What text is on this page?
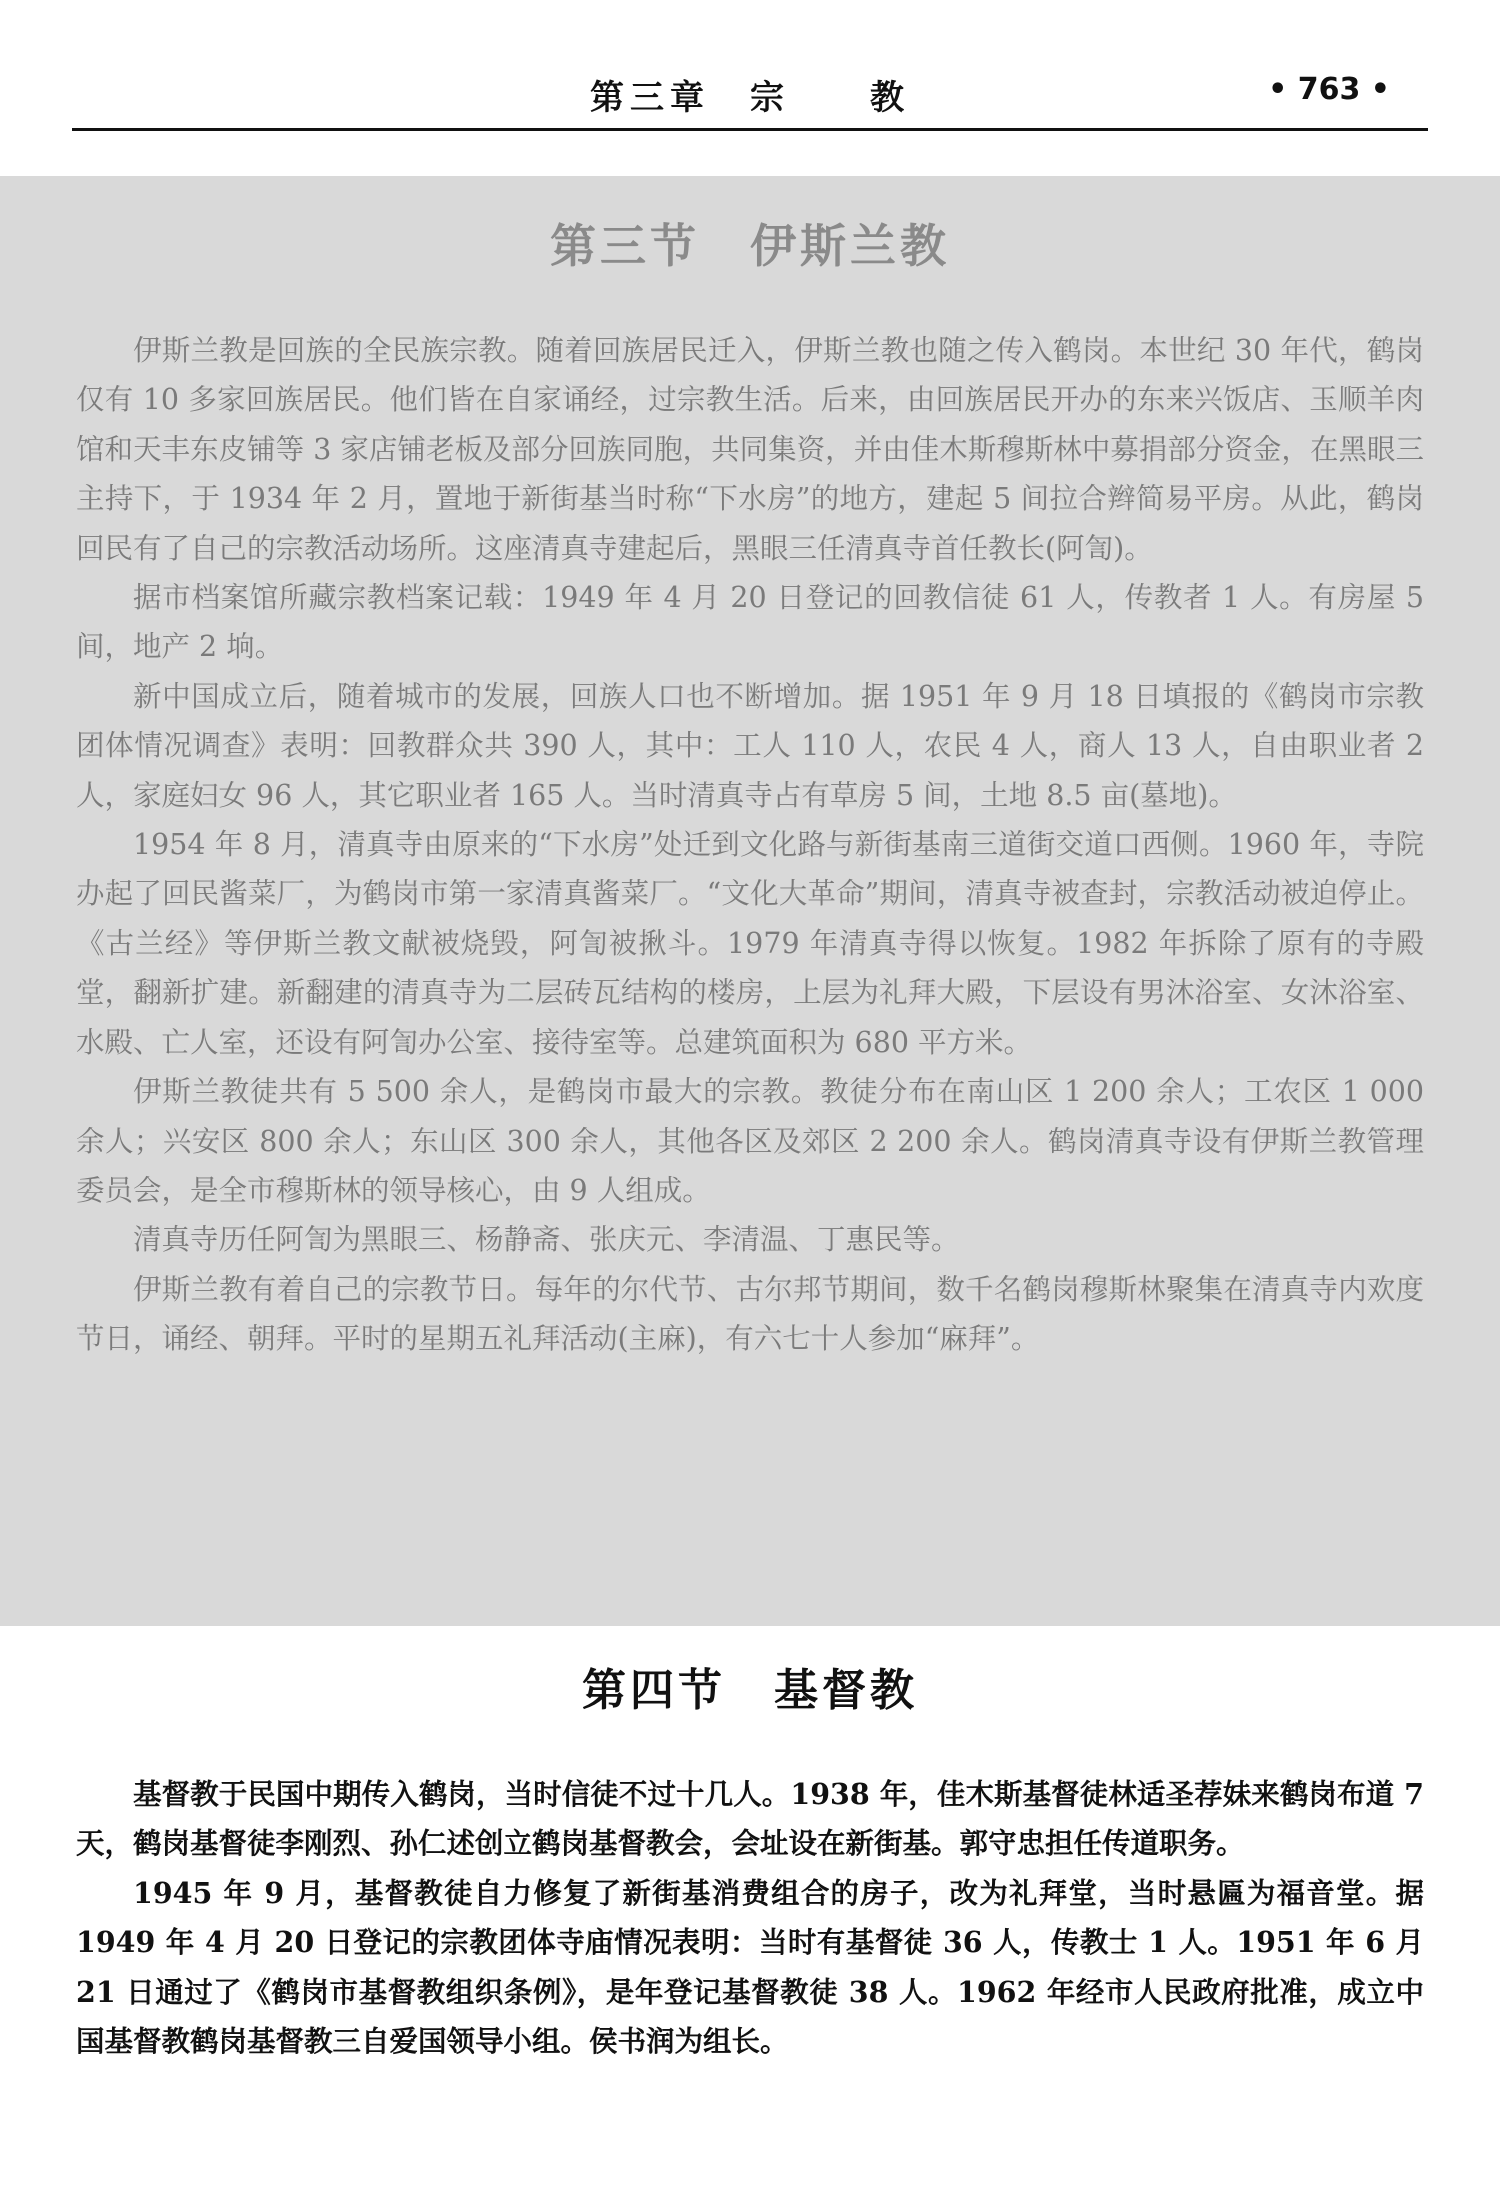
第三章　宗　　教	• 763 •
第三节　伊斯兰教

伊斯兰教是回族的全民族宗教。随着回族居民迁入，伊斯兰教也随之传入鹤岗。本世纪 30 年代，鹤岗仅有 10 多家回族居民。他们皆在自家诵经，过宗教生活。后来，由回族居民开办的东来兴饭店、玉顺羊肉馆和天丰东皮铺等 3 家店铺老板及部分回族同胞，共同集资，并由佳木斯穆斯林中募捐部分资金，在黑眼三主持下，于 1934 年 2 月，置地于新街基当时称“下水房”的地方，建起 5 间拉合辫简易平房。从此，鹤岗回民有了自己的宗教活动场所。这座清真寺建起后，黑眼三任清真寺首任教长(阿訇)。

据市档案馆所藏宗教档案记载：1949 年 4 月 20 日登记的回教信徒 61 人，传教者 1 人。有房屋 5 间，地产 2 垧。

新中国成立后，随着城市的发展，回族人口也不断增加。据 1951 年 9 月 18 日填报的《鹤岗市宗教团体情况调查》表明：回教群众共 390 人，其中：工人 110 人，农民 4 人，商人 13 人，自由职业者 2 人，家庭妇女 96 人，其它职业者 165 人。当时清真寺占有草房 5 间，土地 8.5 亩(墓地)。

1954 年 8 月，清真寺由原来的“下水房”处迁到文化路与新街基南三道街交道口西侧。1960 年，寺院办起了回民酱菜厂，为鹤岗市第一家清真酱菜厂。“文化大革命”期间，清真寺被查封，宗教活动被迫停止。《古兰经》等伊斯兰教文献被烧毁，阿訇被揪斗。1979 年清真寺得以恢复。1982 年拆除了原有的寺殿堂，翻新扩建。新翻建的清真寺为二层砖瓦结构的楼房，上层为礼拜大殿，下层设有男沐浴室、女沐浴室、水殿、亡人室，还设有阿訇办公室、接待室等。总建筑面积为 680 平方米。

伊斯兰教徒共有 5 500 余人，是鹤岗市最大的宗教。教徒分布在南山区 1 200 余人；工农区 1 000 余人；兴安区 800 余人；东山区 300 余人，其他各区及郊区 2 200 余人。鹤岗清真寺设有伊斯兰教管理委员会，是全市穆斯林的领导核心，由 9 人组成。

清真寺历任阿訇为黑眼三、杨静斋、张庆元、李清温、丁惠民等。

伊斯兰教有着自己的宗教节日。每年的尔代节、古尔邦节期间，数千名鹤岗穆斯林聚集在清真寺内欢度节日，诵经、朝拜。平时的星期五礼拜活动(主麻)，有六七十人参加“麻拜”。

第四节　基督教

基督教于民国中期传入鹤岗，当时信徒不过十几人。1938 年，佳木斯基督徒林适圣荐妹来鹤岗布道 7 天，鹤岗基督徒李刚烈、孙仁述创立鹤岗基督教会，会址设在新街基。郭守忠担任传道职务。

1945 年 9 月，基督教徒自力修复了新街基消费组合的房子，改为礼拜堂，当时悬匾为福音堂。据 1949 年 4 月 20 日登记的宗教团体寺庙情况表明：当时有基督徒 36 人，传教士 1 人。1951 年 6 月 21 日通过了《鹤岗市基督教组织条例》，是年登记基督教徒 38 人。1962 年经市人民政府批准，成立中国基督教鹤岗基督教三自爱国领导小组。侯书润为组长。
